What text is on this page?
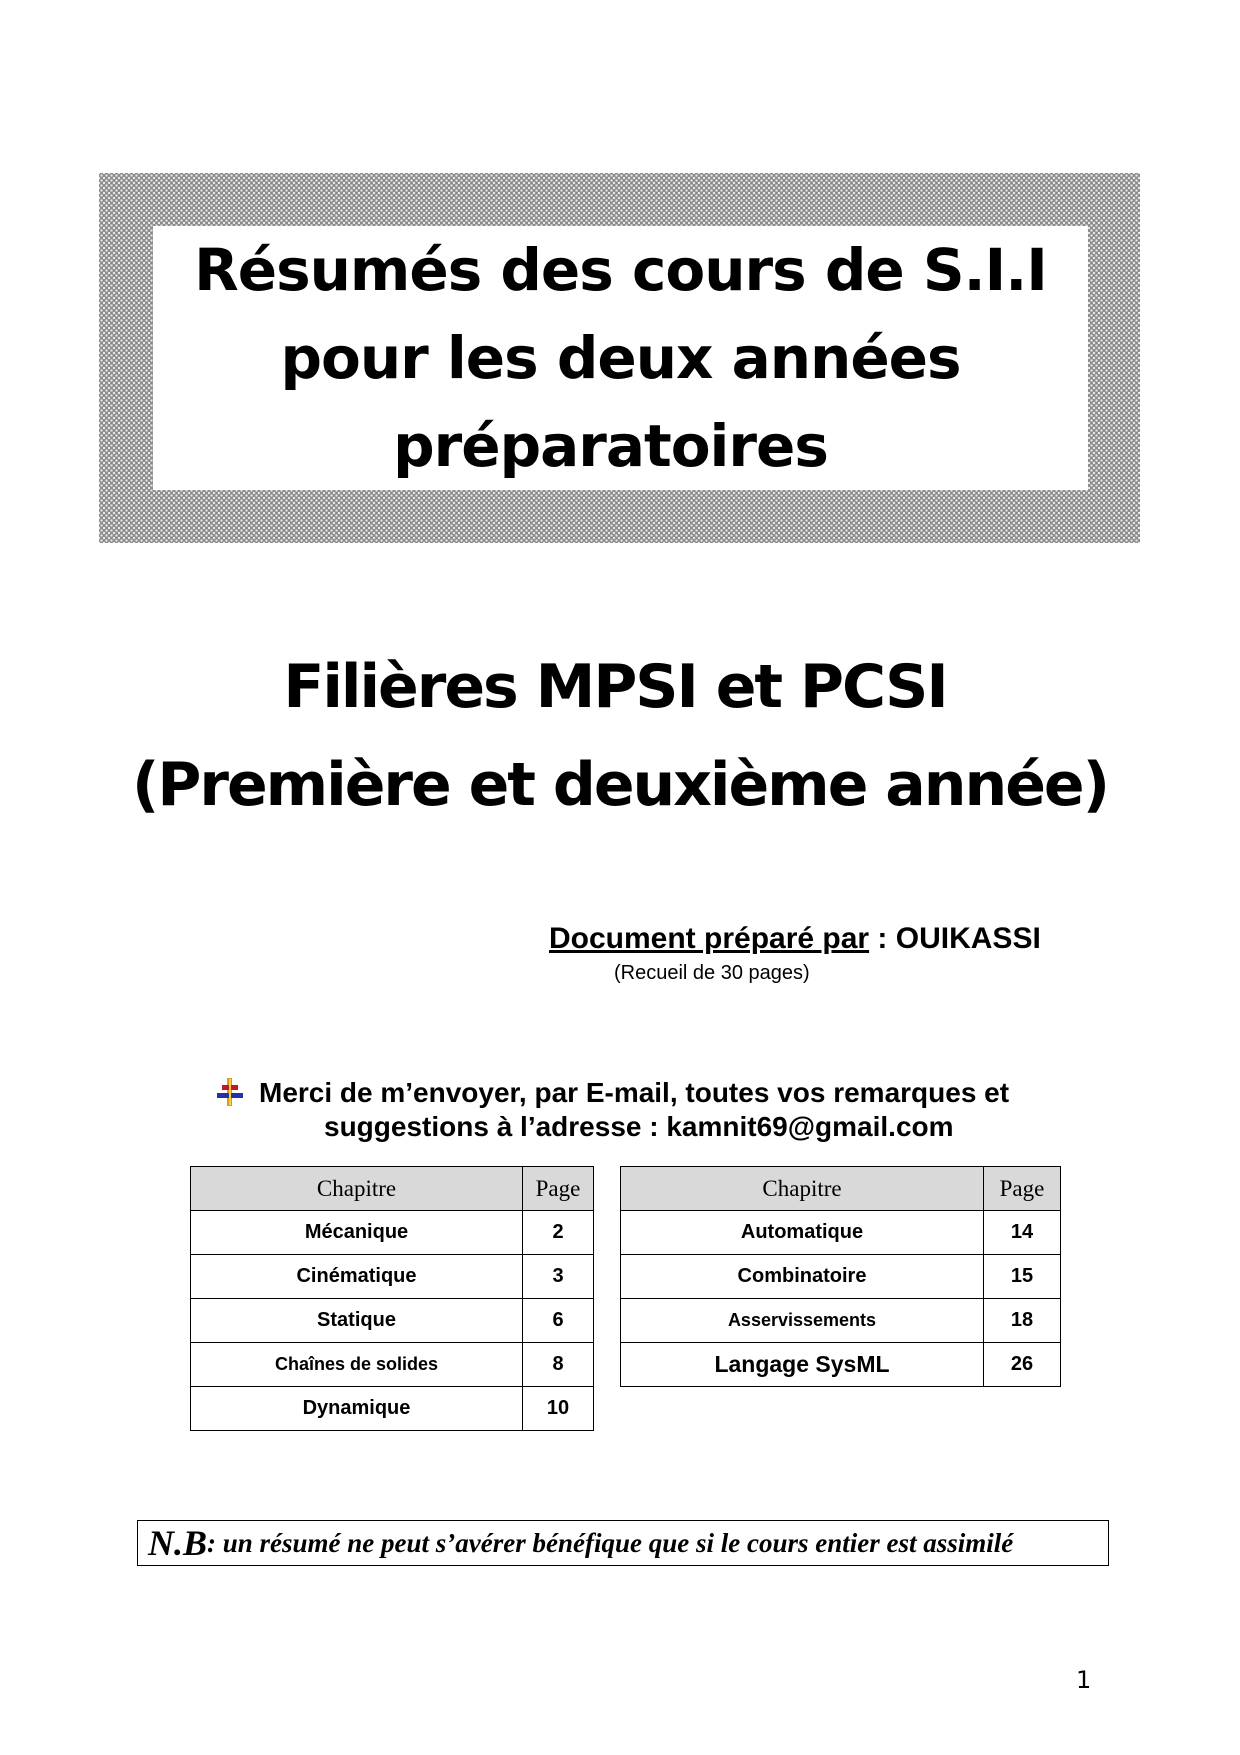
Résumés des cours de S.I.I
pour les deux années
préparatoires
Filières MPSI et PCSI
(Première et deuxième année)
Document préparé par : OUIKASSI
(Recueil de 30 pages)
Merci de m’envoyer, par E-mail, toutes vos remarques et
suggestions à l’adresse : kamnit69@gmail.com
Chapitre	Page
Mécanique	2
Cinématique	3
Statique	6
Chaînes de solides	8
Dynamique	10
Chapitre	Page
Automatique	14
Combinatoire	15
Asservissements	18
Langage SysML	26
N.B : un résumé ne peut s’avérer bénéfique que si le cours entier est assimilé
1
